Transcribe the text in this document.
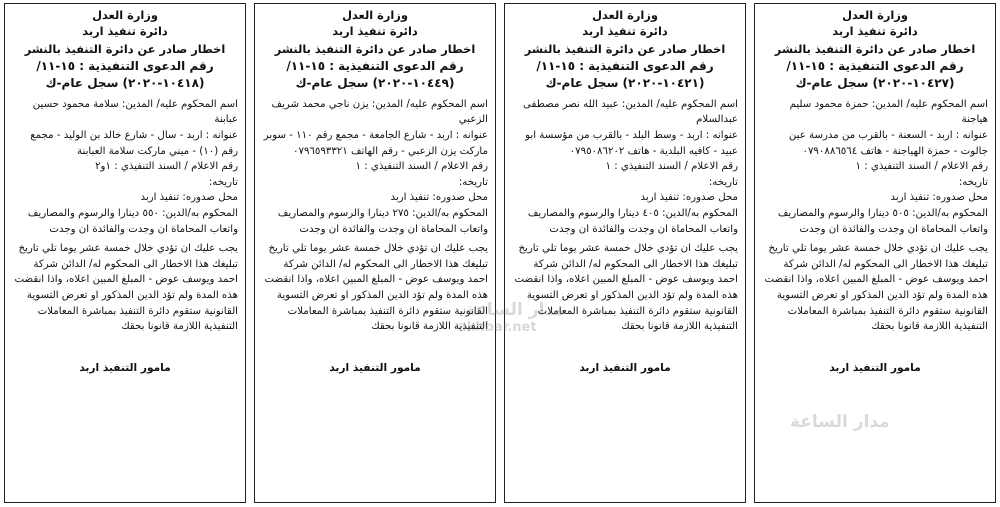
وزارة العدل
دائرة تنفيذ اربد
اخطار صادر عن دائرة التنفيذ بالنشر
رقم الدعوى التنفيذية : ١٥-١١/
(١٠٤٢٧-٢٠٢٠) سجل عام-ك

اسم المحكوم عليه/ المدين: حمزة محمود سليم هياجنة

عنوانه : اربد - السعنة - بالقرب من مدرسة عين جالوت - حمزة الهياجنة - هاتف ٠٧٩٠٨٨٦٥٦٤

رقم الاعلام / السند التنفيذي : ١

تاريخه:

محل صدوره: تنفيذ اربد

المحكوم به/الدين: ٥٠٥ دينارا والرسوم والمصاريف واتعاب المحاماة ان وجدت والفائدة ان وجدت

يجب عليك ان تؤدي خلال خمسة عشر يوما تلي تاريخ تبليغك هذا الاخطار الى المحكوم له/ الدائن شركة احمد ويوسف عوض - المبلغ المبين اعلاه، واذا انقضت هذه المدة ولم تؤد الدين المذكور او تعرض التسوية القانونية ستقوم دائرة التنفيذ بمباشرة المعاملات التنفيذية اللازمة قانونا بحقك

مامور التنفيذ اربد
وزارة العدل
دائرة تنفيذ اربد
اخطار صادر عن دائرة التنفيذ بالنشر
رقم الدعوى التنفيذية : ١٥-١١/
(١٠٤٢١-٢٠٢٠) سجل عام-ك

اسم المحكوم عليه/ المدين: عبيد الله نصر مصطفى عبدالسلام

عنوانه : اربد - وسط البلد - بالقرب من مؤسسة ابو عبيد - كافيه البلدية - هاتف ٠٧٩٥٠٨٦٢٠٢

رقم الاعلام / السند التنفيذي : ١

تاريخه:

محل صدوره: تنفيذ اربد

المحكوم به/الدين: ٤٠٥ دينارا والرسوم والمصاريف واتعاب المحاماة ان وجدت والفائدة ان وجدت

يجب عليك ان تؤدي خلال خمسة عشر يوما تلي تاريخ تبليغك هذا الاخطار الى المحكوم له/ الدائن شركة احمد ويوسف عوض - المبلغ المبين اعلاه، واذا انقضت هذه المدة ولم تؤد الدين المذكور او تعرض التسوية القانونية ستقوم دائرة التنفيذ بمباشرة المعاملات التنفيذية اللازمة قانونا بحقك

مامور التنفيذ اربد
وزارة العدل
دائرة تنفيذ اربد
اخطار صادر عن دائرة التنفيذ بالنشر
رقم الدعوى التنفيذية : ١٥-١١/
(١٠٤٤٩-٢٠٢٠) سجل عام-ك

اسم المحكوم عليه/ المدين: يزن ناجي محمد شريف الزعبي

عنوانه : اربد - شارع الجامعة - مجمع رقم ١١٠ - سوبر ماركت يزن الزعبي - رقم الهاتف ٠٧٩٦٥٩٣٣٢١

رقم الاعلام / السند التنفيذي : ١

تاريخه:

محل صدوره: تنفيذ اربد

المحكوم به/الدين: ٢٧٥ دينارا والرسوم والمصاريف واتعاب المحاماة ان وجدت والفائدة ان وجدت

يجب عليك ان تؤدي خلال خمسة عشر يوما تلي تاريخ تبليغك هذا الاخطار الى المحكوم له/ الدائن شركة احمد ويوسف عوض - المبلغ المبين اعلاه، واذا انقضت هذه المدة ولم تؤد الدين المذكور او تعرض التسوية القانونية ستقوم دائرة التنفيذ بمباشرة المعاملات التنفيذية اللازمة قانونا بحقك

مامور التنفيذ اربد
وزارة العدل
دائرة تنفيذ اربد
اخطار صادر عن دائرة التنفيذ بالنشر
رقم الدعوى التنفيذية : ١٥-١١/
(١٠٤١٨-٢٠٢٠) سجل عام-ك

اسم المحكوم عليه/ المدين: سلامة محمود حسين عبابنة

عنوانه : اربد - سال - شارع خالد بن الوليد - مجمع رقم (١٠) - ميني ماركت سلامة العبابنة

رقم الاعلام / السند التنفيذي : ١و٢

تاريخه:

محل صدوره: تنفيذ اربد

المحكوم به/الدين: ٥٥٠ دينارا والرسوم والمصاريف واتعاب المحاماة ان وجدت والفائدة ان وجدت

يجب عليك ان تؤدي خلال خمسة عشر يوما تلي تاريخ تبليغك هذا الاخطار الى المحكوم له/ الدائن شركة احمد ويوسف عوض - المبلغ المبين اعلاه، واذا انقضت هذه المدة ولم تؤد الدين المذكور او تعرض التسوية القانونية ستقوم دائرة التنفيذ بمباشرة المعاملات التنفيذية اللازمة قانونا بحقك

مامور التنفيذ اربد
مدار الساعة
akhbar.net
مدار الساعة
